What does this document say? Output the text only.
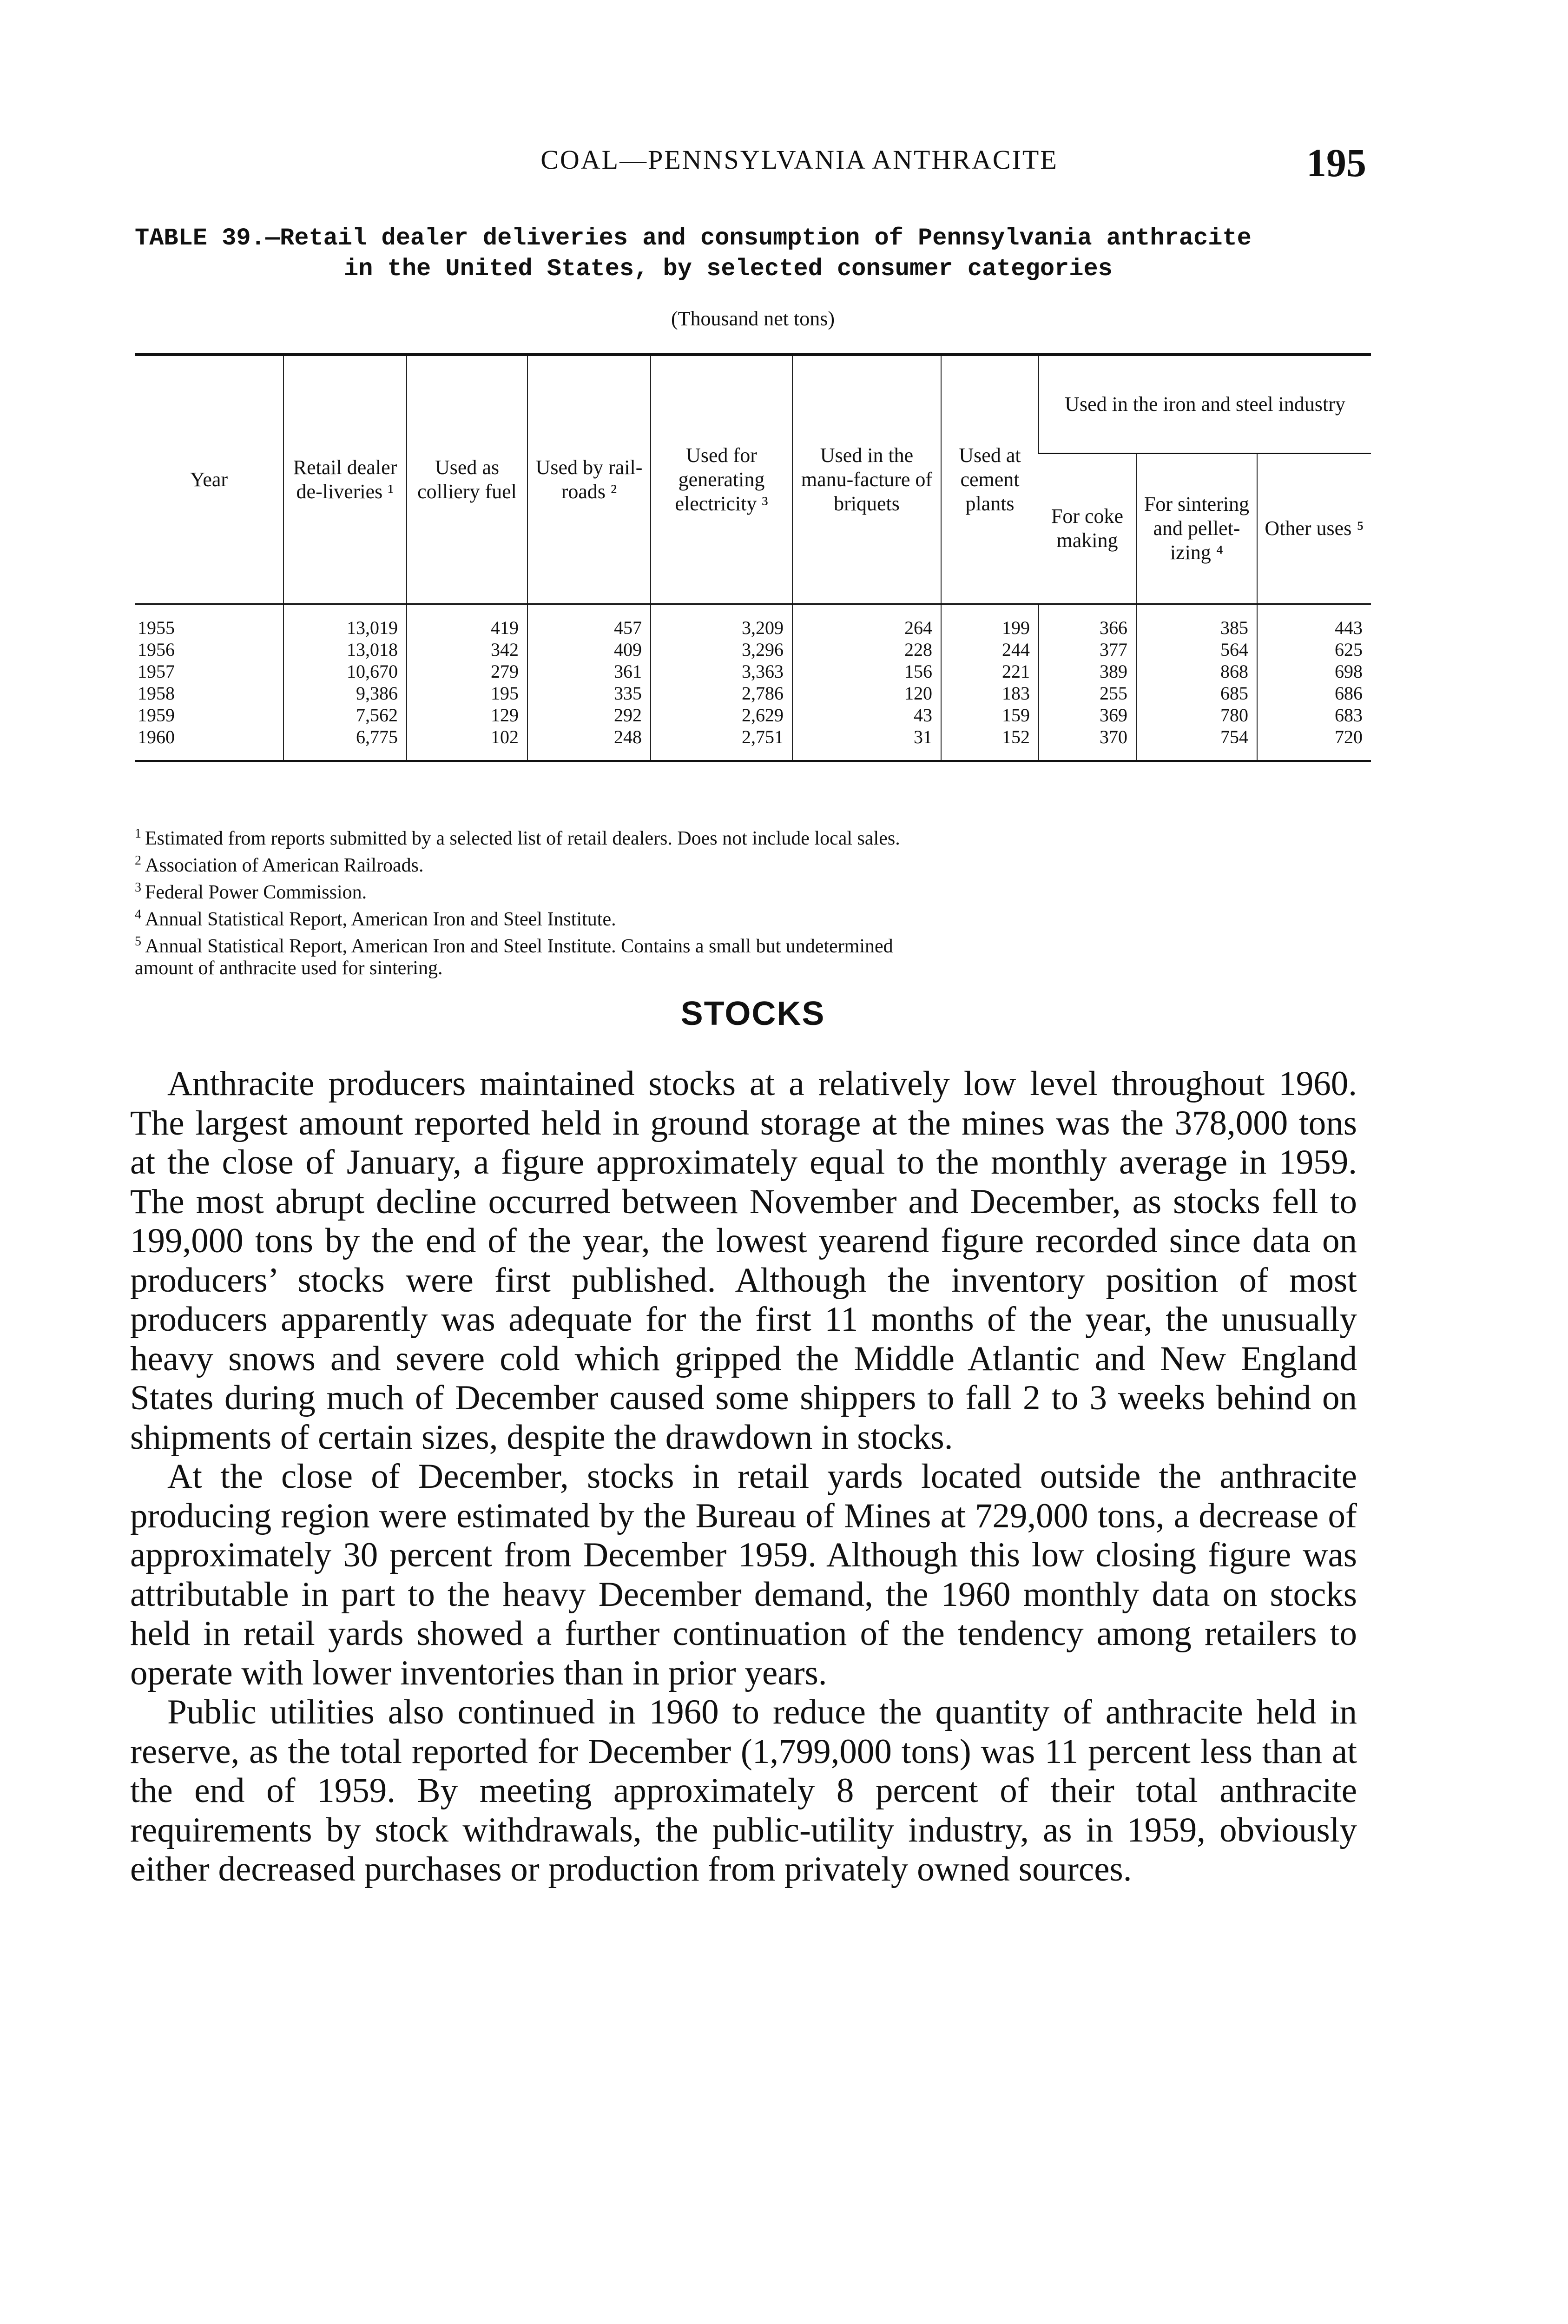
COAL—PENNSYLVANIA ANTHRACITE	195
TABLE 39.—Retail dealer deliveries and consumption of Pennsylvania anthracite
in the United States, by selected consumer categories
(Thousand net tons)
Year	Retail dealer de-liveries ¹	Used as colliery fuel	Used by rail-roads ²	Used for generating electricity ³	Used in the manu-facture of briquets	Used at cement plants	Used in the iron and steel industry		
							For coke making	For sintering and pellet-izing ⁴	Other uses ⁵
1955	13,019	419	457	3,209	264	199	366	385	443
1956	13,018	342	409	3,296	228	244	377	564	625
1957	10,670	279	361	3,363	156	221	389	868	698
1958	9,386	195	335	2,786	120	183	255	685	686
1959	7,562	129	292	2,629	43	159	369	780	683
1960	6,775	102	248	2,751	31	152	370	754	720
$^1$ Estimated from reports submitted by a selected list of retail dealers. Does not include local sales.
$^2$ Association of American Railroads.
$^3$ Federal Power Commission.
$^4$ Annual Statistical Report, American Iron and Steel Institute.
$^5$ Annual Statistical Report, American Iron and Steel Institute. Contains a small but undetermined
amount of anthracite used for sintering.
STOCKS

Anthracite producers maintained stocks at a relatively low level throughout 1960. The largest amount reported held in ground storage at the mines was the 378,000 tons at the close of January, a figure approximately equal to the monthly average in 1959. The most abrupt decline occurred between November and December, as stocks fell to 199,000 tons by the end of the year, the lowest yearend figure recorded since data on producers’ stocks were first published. Although the inventory position of most producers apparently was adequate for the first 11 months of the year, the unusually heavy snows and severe cold which gripped the Middle Atlantic and New England States during much of December caused some shippers to fall 2 to 3 weeks behind on shipments of certain sizes, despite the drawdown in stocks.

At the close of December, stocks in retail yards located outside the anthracite producing region were estimated by the Bureau of Mines at 729,000 tons, a decrease of approximately 30 percent from December 1959. Although this low closing figure was attributable in part to the heavy December demand, the 1960 monthly data on stocks held in retail yards showed a further continuation of the tendency among retailers to operate with lower inventories than in prior years.

Public utilities also continued in 1960 to reduce the quantity of anthracite held in reserve, as the total reported for December (1,799,000 tons) was 11 percent less than at the end of 1959. By meeting approximately 8 percent of their total anthracite requirements by stock withdrawals, the public-utility industry, as in 1959, obviously either decreased purchases or production from privately owned sources.
